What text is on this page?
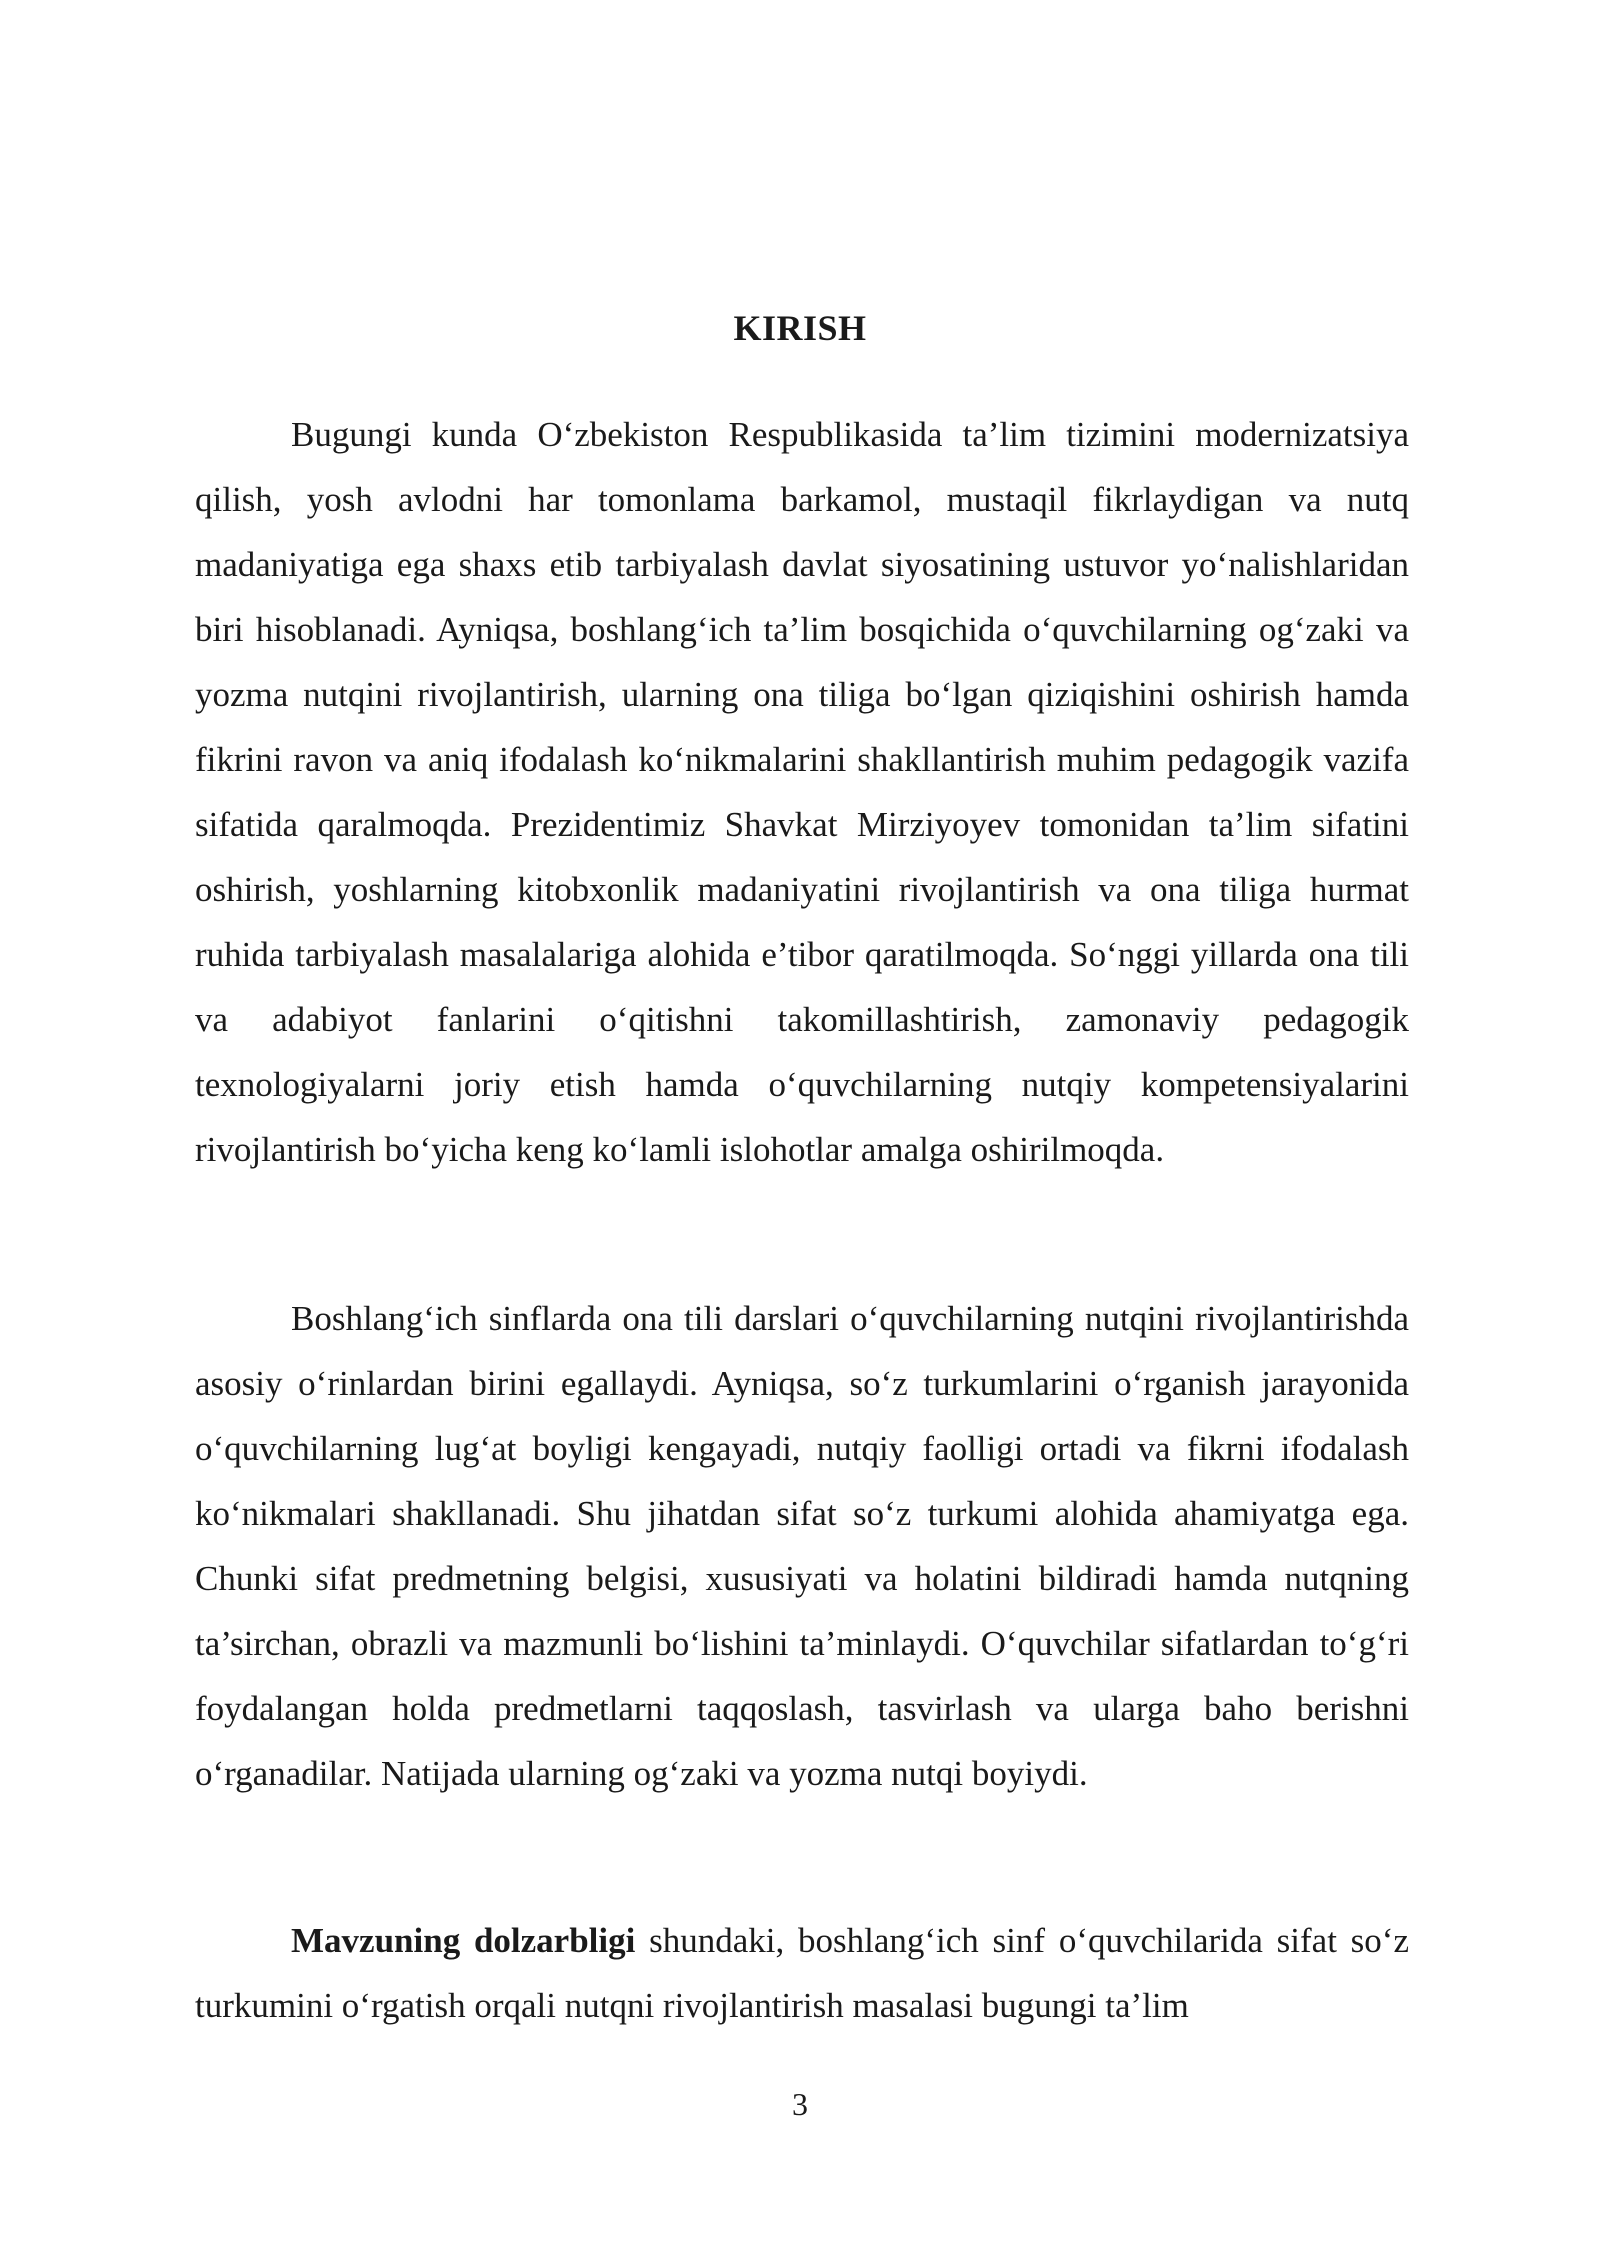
KIRISH

Bugungi kunda O‘zbekiston Respublikasida ta’lim tizimini modernizatsiya qilish, yosh avlodni har tomonlama barkamol, mustaqil fikrlaydigan va nutq madaniyatiga ega shaxs etib tarbiyalash davlat siyosatining ustuvor yo‘nalishlaridan biri hisoblanadi. Ayniqsa, boshlang‘ich ta’lim bosqichida o‘quvchilarning og‘zaki va yozma nutqini rivojlantirish, ularning ona tiliga bo‘lgan qiziqishini oshirish hamda fikrini ravon va aniq ifodalash ko‘nikmalarini shakllantirish muhim pedagogik vazifa sifatida qaralmoqda. Prezidentimiz Shavkat Mirziyoyev tomonidan ta’lim sifatini oshirish, yoshlarning kitobxonlik madaniyatini rivojlantirish va ona tiliga hurmat ruhida tarbiyalash masalalariga alohida e’tibor qaratilmoqda. So‘nggi yillarda ona tili va adabiyot fanlarini o‘qitishni takomillashtirish, zamonaviy pedagogik texnologiyalarni joriy etish hamda o‘quvchilarning nutqiy kompetensiyalarini rivojlantirish bo‘yicha keng ko‘lamli islohotlar amalga oshirilmoqda.

Boshlang‘ich sinflarda ona tili darslari o‘quvchilarning nutqini rivojlantirishda asosiy o‘rinlardan birini egallaydi. Ayniqsa, so‘z turkumlarini o‘rganish jarayonida o‘quvchilarning lug‘at boyligi kengayadi, nutqiy faolligi ortadi va fikrni ifodalash ko‘nikmalari shakllanadi. Shu jihatdan sifat so‘z turkumi alohida ahamiyatga ega. Chunki sifat predmetning belgisi, xususiyati va holatini bildiradi hamda nutqning ta’sirchan, obrazli va mazmunli bo‘lishini ta’minlaydi. O‘quvchilar sifatlardan to‘g‘ri foydalangan holda predmetlarni taqqoslash, tasvirlash va ularga baho berishni o‘rganadilar. Natijada ularning og‘zaki va yozma nutqi boyiydi.

Mavzuning dolzarbligi shundaki, boshlang‘ich sinf o‘quvchilarida sifat so‘z turkumini o‘rgatish orqali nutqni rivojlantirish masalasi bugungi ta’lim

3
